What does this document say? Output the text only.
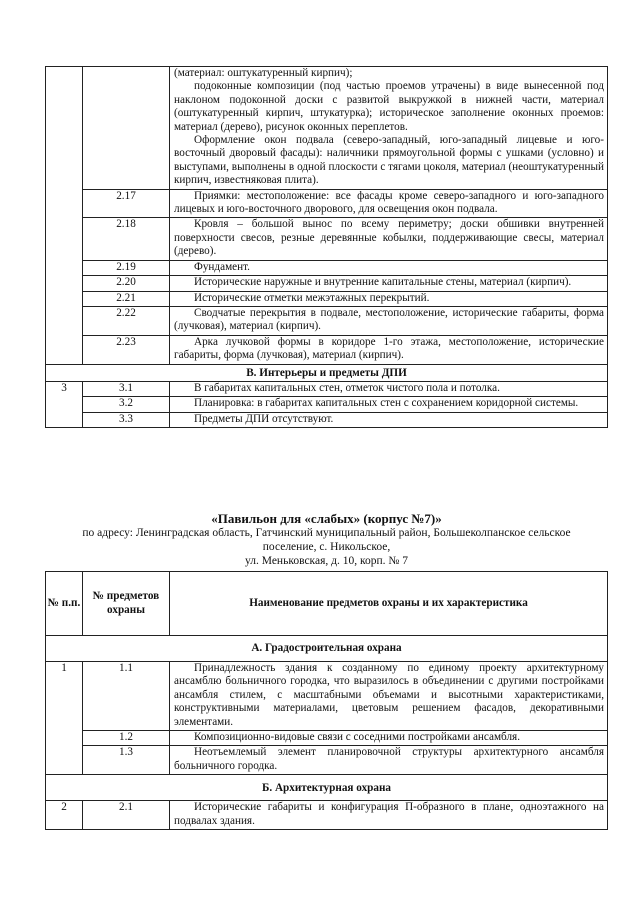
		(материал: оштукатуренный кирпич);

подоконные композиции (под частью проемов утрачены) в виде вынесенной под наклоном подоконной доски с развитой выкружкой в нижней части, материал (оштукатуренный кирпич, штукатурка); историческое заполнение оконных проемов: материал (дерево), рисунок оконных переплетов.

Оформление окон подвала (северо-западный, юго-западный лицевые и юго-восточный дворовый фасады): наличники прямоугольной формы с ушками (условно) и выступами, выполнены в одной плоскости с тягами цоколя, материал (неоштукатуренный кирпич, известняковая плита).

	2.17	Приямки: местоположение: все фасады кроме северо-западного и юго-западного лицевых и юго-восточного дворового, для освещения окон подвала.

	2.18	Кровля – большой вынос по всему периметру; доски обшивки внутренней поверхности свесов, резные деревянные кобылки, поддерживающие свесы, материал (дерево).

	2.19	Фундамент.

	2.20	Исторические наружные и внутренние капитальные стены, материал (кирпич).

	2.21	Исторические отметки межэтажных перекрытий.

	2.22	Сводчатые перекрытия в подвале, местоположение, исторические габариты, форма (лучковая), материал (кирпич).

	2.23	Арка лучковой формы в коридоре 1-го этажа, местоположение, исторические габариты, форма (лучковая), материал (кирпич).

В. Интерьеры и предметы ДПИ		
3	3.1	В габаритах капитальных стен, отметок чистого пола и потолка.

	3.2	Планировка: в габаритах капитальных стен с сохранением коридорной системы.

	3.3	Предметы ДПИ отсутствуют.

«Павильон для «слабых» (корпус №7)»
по адресу: Ленинградская область, Гатчинский муниципальный район, Большеколпанское сельское
поселение, с. Никольское,
ул. Меньковская, д. 10, корп. № 7
№ п.п.	№ предметов охраны	Наименование предметов охраны и их характеристика
А. Градостроительная охрана		
1	1.1	Принадлежность здания к созданному по единому проекту архитектурному ансамблю больничного городка, что выразилось в объединении с другими постройками ансамбля стилем, с масштабными объемами и высотными характеристиками, конструктивными материалами, цветовым решением фасадов, декоративными элементами.

	1.2	Композиционно-видовые связи с соседними постройками ансамбля.

	1.3	Неотъемлемый элемент планировочной структуры архитектурного ансамбля больничного городка.

Б. Архитектурная охрана		
2	2.1	Исторические габариты и конфигурация П-образного в плане, одноэтажного на подвалах здания.
